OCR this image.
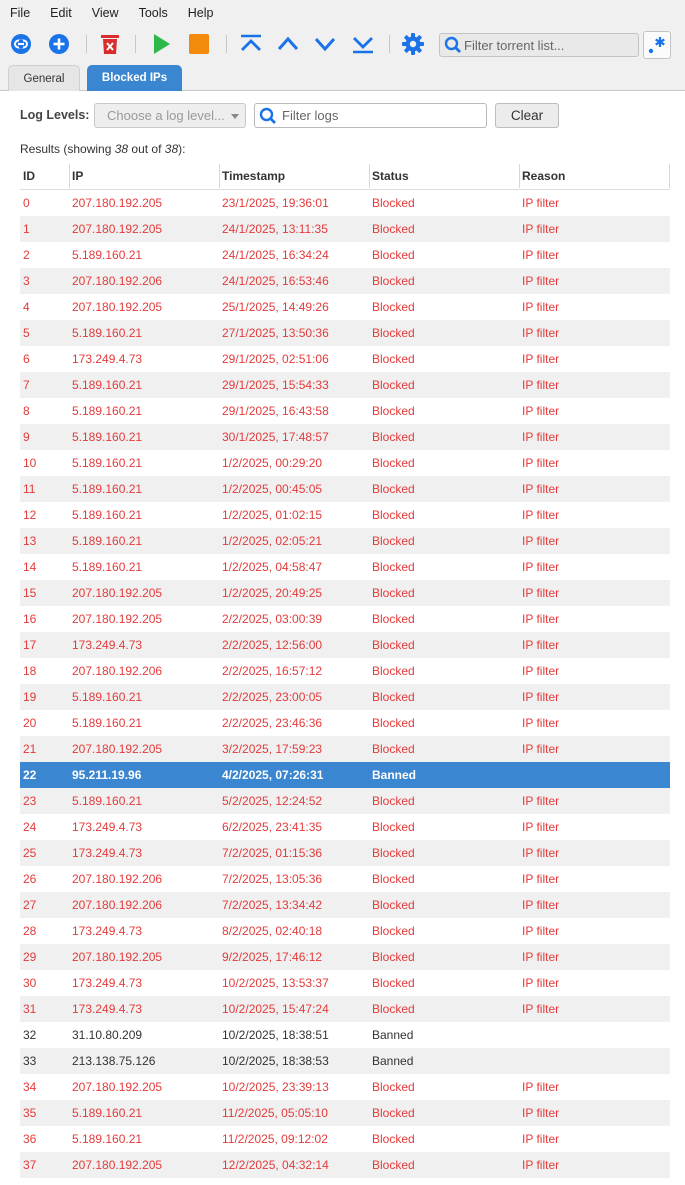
File	Edit	View	Tools	Help
Filter torrent list...
General	Blocked IPs
Log Levels: Choose a log level...
Filter logs	Clear
Results (showing 38 out of 38):
ID	IP	Timestamp	Status	Reason
0	207.180.192.205	23/1/2025, 19:36:01	Blocked	IP filter
1	207.180.192.205	24/1/2025, 13:11:35	Blocked	IP filter
2	5.189.160.21	24/1/2025, 16:34:24	Blocked	IP filter
3	207.180.192.206	24/1/2025, 16:53:46	Blocked	IP filter
4	207.180.192.205	25/1/2025, 14:49:26	Blocked	IP filter
5	5.189.160.21	27/1/2025, 13:50:36	Blocked	IP filter
6	173.249.4.73	29/1/2025, 02:51:06	Blocked	IP filter
7	5.189.160.21	29/1/2025, 15:54:33	Blocked	IP filter
8	5.189.160.21	29/1/2025, 16:43:58	Blocked	IP filter
9	5.189.160.21	30/1/2025, 17:48:57	Blocked	IP filter
10	5.189.160.21	1/2/2025, 00:29:20	Blocked	IP filter
11	5.189.160.21	1/2/2025, 00:45:05	Blocked	IP filter
12	5.189.160.21	1/2/2025, 01:02:15	Blocked	IP filter
13	5.189.160.21	1/2/2025, 02:05:21	Blocked	IP filter
14	5.189.160.21	1/2/2025, 04:58:47	Blocked	IP filter
15	207.180.192.205	1/2/2025, 20:49:25	Blocked	IP filter
16	207.180.192.205	2/2/2025, 03:00:39	Blocked	IP filter
17	173.249.4.73	2/2/2025, 12:56:00	Blocked	IP filter
18	207.180.192.206	2/2/2025, 16:57:12	Blocked	IP filter
19	5.189.160.21	2/2/2025, 23:00:05	Blocked	IP filter
20	5.189.160.21	2/2/2025, 23:46:36	Blocked	IP filter
21	207.180.192.205	3/2/2025, 17:59:23	Blocked	IP filter
22	95.211.19.96	4/2/2025, 07:26:31	Banned
23	5.189.160.21	5/2/2025, 12:24:52	Blocked	IP filter
24	173.249.4.73	6/2/2025, 23:41:35	Blocked	IP filter
25	173.249.4.73	7/2/2025, 01:15:36	Blocked	IP filter
26	207.180.192.206	7/2/2025, 13:05:36	Blocked	IP filter
27	207.180.192.206	7/2/2025, 13:34:42	Blocked	IP filter
28	173.249.4.73	8/2/2025, 02:40:18	Blocked	IP filter
29	207.180.192.205	9/2/2025, 17:46:12	Blocked	IP filter
30	173.249.4.73	10/2/2025, 13:53:37	Blocked	IP filter
31	173.249.4.73	10/2/2025, 15:47:24	Blocked	IP filter
32	31.10.80.209	10/2/2025, 18:38:51	Banned
33	213.138.75.126	10/2/2025, 18:38:53	Banned
34	207.180.192.205	10/2/2025, 23:39:13	Blocked	IP filter
35	5.189.160.21	11/2/2025, 05:05:10	Blocked	IP filter
36	5.189.160.21	11/2/2025, 09:12:02	Blocked	IP filter
37	207.180.192.205	12/2/2025, 04:32:14	Blocked	IP filter
